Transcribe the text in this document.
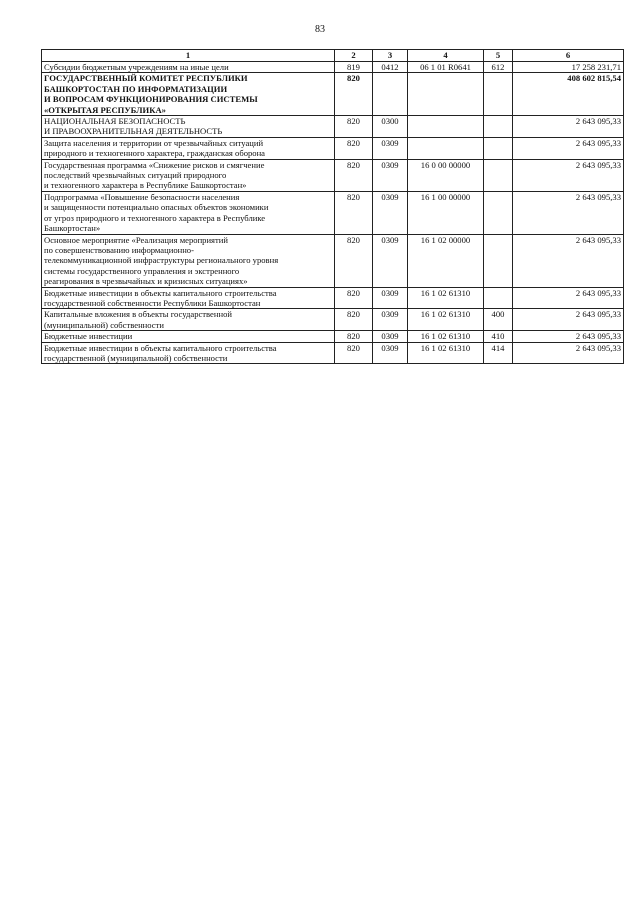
83
1	2	3	4	5	6
Субсидии бюджетным учреждениям на иные цели	819	0412	06 1 01 R0641	612	17 258 231,71
ГОСУДАРСТВЕННЫЙ КОМИТЕТ РЕСПУБЛИКИ
БАШКОРТОСТАН ПО ИНФОРМАТИЗАЦИИ
И ВОПРОСАМ ФУНКЦИОНИРОВАНИЯ СИСТЕМЫ
«ОТКРЫТАЯ РЕСПУБЛИКА»	820				408 602 815,54
НАЦИОНАЛЬНАЯ БЕЗОПАСНОСТЬ
И ПРАВООХРАНИТЕЛЬНАЯ ДЕЯТЕЛЬНОСТЬ	820	0300			2 643 095,33
Защита населения и территории от чрезвычайных ситуаций
природного и техногенного характера, гражданская оборона	820	0309			2 643 095,33
Государственная программа «Снижение рисков и смягчение
последствий чрезвычайных ситуаций природного
и техногенного характера в Республике Башкортостан»	820	0309	16 0 00 00000		2 643 095,33
Подпрограмма «Повышение безопасности населения
и защищенности потенциально опасных объектов экономики
от угроз природного и техногенного характера в Республике
Башкортостан»	820	0309	16 1 00 00000		2 643 095,33
Основное мероприятие «Реализация мероприятий
по совершенствованию информационно-
телекоммуникационной инфраструктуры регионального уровня
системы государственного управления и экстренного
реагирования в чрезвычайных и кризисных ситуациях»	820	0309	16 1 02 00000		2 643 095,33
Бюджетные инвестиции в объекты капитального строительства
государственной собственности Республики Башкортостан	820	0309	16 1 02 61310		2 643 095,33
Капитальные вложения в объекты государственной
(муниципальной) собственности	820	0309	16 1 02 61310	400	2 643 095,33
Бюджетные инвестиции	820	0309	16 1 02 61310	410	2 643 095,33
Бюджетные инвестиции в объекты капитального строительства
государственной (муниципальной) собственности	820	0309	16 1 02 61310	414	2 643 095,33
